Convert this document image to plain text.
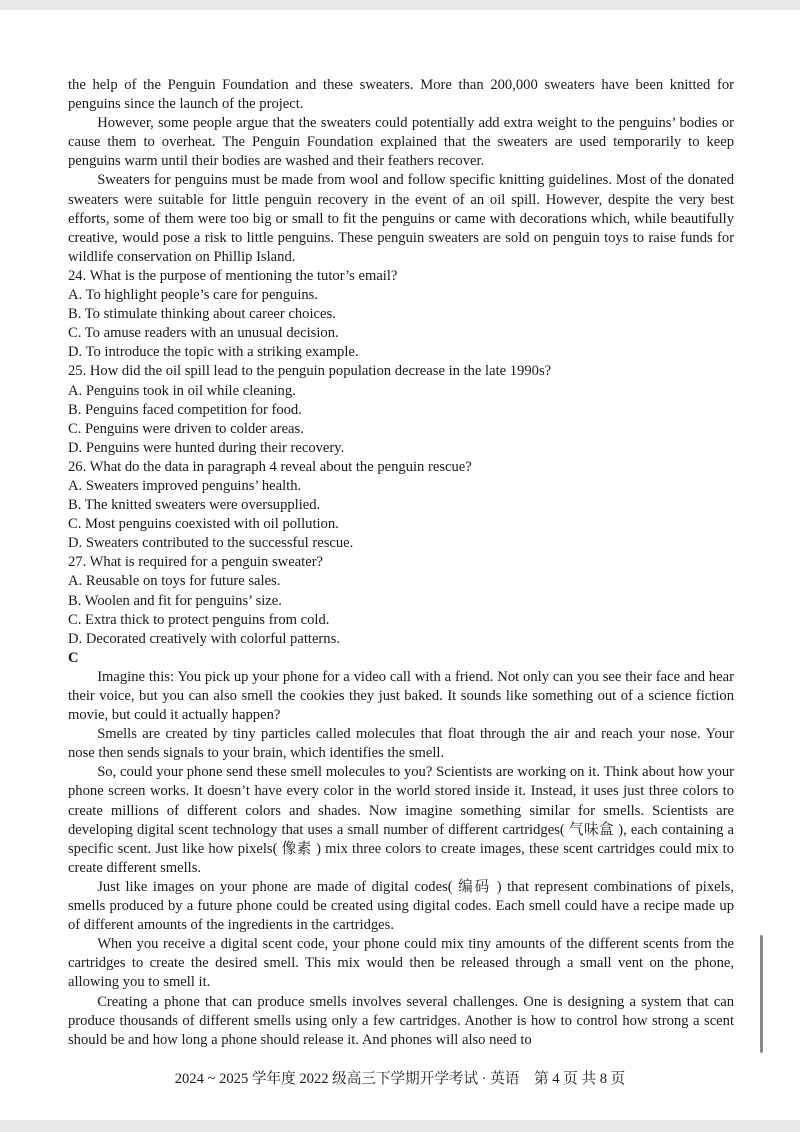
the help of the Penguin Foundation and these sweaters. More than 200,000 sweaters have been knitted for penguins since the launch of the project.

However, some people argue that the sweaters could potentially add extra weight to the penguins’ bodies or cause them to overheat. The Penguin Foundation explained that the sweaters are used temporarily to keep penguins warm until their bodies are washed and their feathers recover.

Sweaters for penguins must be made from wool and follow specific knitting guidelines. Most of the donated sweaters were suitable for little penguin recovery in the event of an oil spill. However, despite the very best efforts, some of them were too big or small to fit the penguins or came with decorations which, while beautifully creative, would pose a risk to little penguins. These penguin sweaters are sold on penguin toys to raise funds for wildlife conservation on Phillip Island.

24. What is the purpose of mentioning the tutor’s email?

A. To highlight people’s care for penguins.

B. To stimulate thinking about career choices.

C. To amuse readers with an unusual decision.

D. To introduce the topic with a striking example.

25. How did the oil spill lead to the penguin population decrease in the late 1990s?

A. Penguins took in oil while cleaning.

B. Penguins faced competition for food.

C. Penguins were driven to colder areas.

D. Penguins were hunted during their recovery.

26. What do the data in paragraph 4 reveal about the penguin rescue?

A. Sweaters improved penguins’ health.

B. The knitted sweaters were oversupplied.

C. Most penguins coexisted with oil pollution.

D. Sweaters contributed to the successful rescue.

27. What is required for a penguin sweater?

A. Reusable on toys for future sales.

B. Woolen and fit for penguins’ size.

C. Extra thick to protect penguins from cold.

D. Decorated creatively with colorful patterns.

C

Imagine this: You pick up your phone for a video call with a friend. Not only can you see their face and hear their voice, but you can also smell the cookies they just baked. It sounds like something out of a science fiction movie, but could it actually happen?

Smells are created by tiny particles called molecules that float through the air and reach your nose. Your nose then sends signals to your brain, which identifies the smell.

So, could your phone send these smell molecules to you? Scientists are working on it. Think about how your phone screen works. It doesn’t have every color in the world stored inside it. Instead, it uses just three colors to create millions of different colors and shades. Now imagine something similar for smells. Scientists are developing digital scent technology that uses a small number of different cartridges( 气味盒 ), each containing a specific scent. Just like how pixels( 像素 ) mix three colors to create images, these scent cartridges could mix to create different smells.

Just like images on your phone are made of digital codes( 编码 ) that represent combinations of pixels, smells produced by a future phone could be created using digital codes. Each smell could have a recipe made up of different amounts of the ingredients in the cartridges.

When you receive a digital scent code, your phone could mix tiny amounts of the different scents from the cartridges to create the desired smell. This mix would then be released through a small vent on the phone, allowing you to smell it.

Creating a phone that can produce smells involves several challenges. One is designing a system that can produce thousands of different smells using only a few cartridges. Another is how to control how strong a scent should be and how long a phone should release it. And phones will also need to

2024 ~ 2025 学年度 2022 级高三下学期开学考试 · 英语　第 4 页 共 8 页
